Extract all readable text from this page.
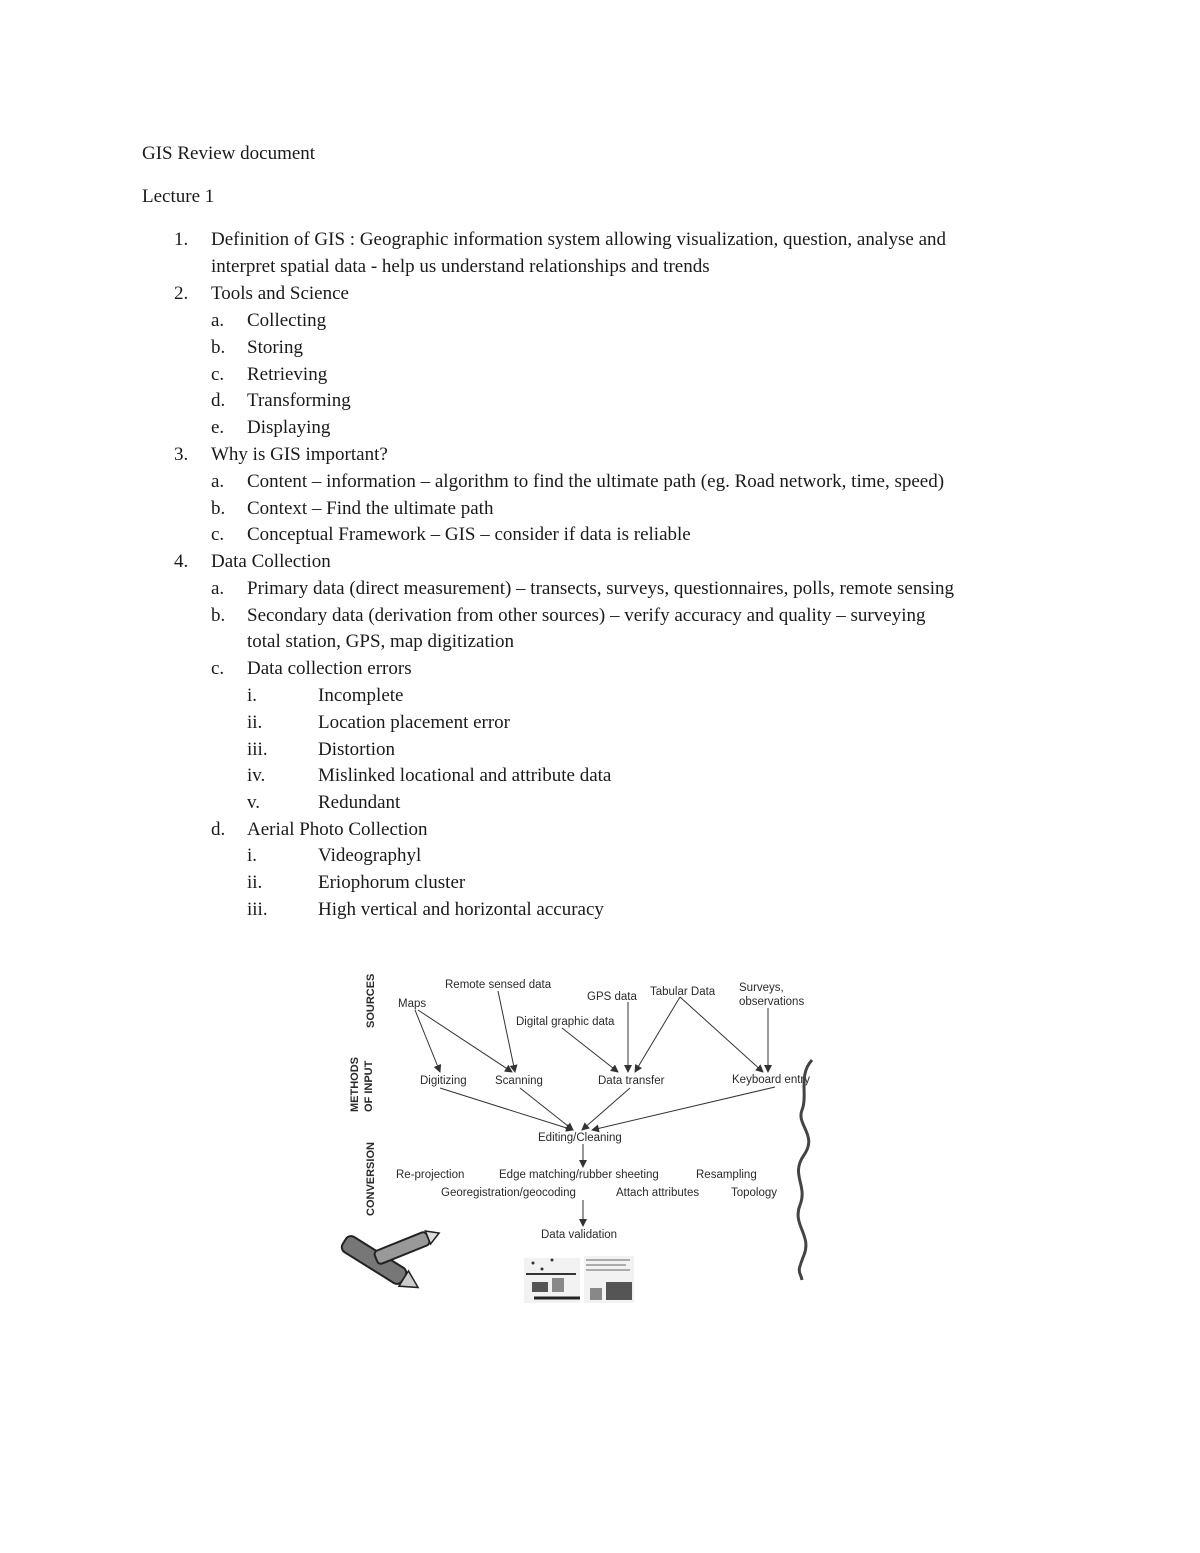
GIS Review document
Lecture 1
1. Definition of GIS : Geographic information system allowing visualization, question, analyse and
interpret spatial data - help us understand relationships and trends
2. Tools and Science
a. Collecting
b. Storing
c. Retrieving
d. Transforming
e. Displaying
3. Why is GIS important?
a. Content – information – algorithm to find the ultimate path (eg. Road network, time, speed)
b. Context – Find the ultimate path
c. Conceptual Framework – GIS – consider if data is reliable
4. Data Collection
a. Primary data (direct measurement) – transects, surveys, questionnaires, polls, remote sensing
b. Secondary data (derivation from other sources) – verify accuracy and quality – surveying
total station, GPS, map digitization
c. Data collection errors
i.	Incomplete
ii.	Location placement error
iii.	Distortion
iv.	Mislinked locational and attribute data
v.	Redundant
d. Aerial Photo Collection
i.	Videographyl
ii.	Eriophorum cluster
iii.	High vertical and horizontal accuracy
SOURCES
METHODS OF INPUT
CONVERSION
Maps
Remote sensed data
GPS data
Digital graphic data
Tabular Data Surveys,
observations
Digitizing Scanning	Data transfer	Keyboard entry
Editing/Cleaning
Re-projection	Edge matching/rubber sheeting	Resampling
Georegistration/geocoding	Attach attributes	Topology
Data validation
